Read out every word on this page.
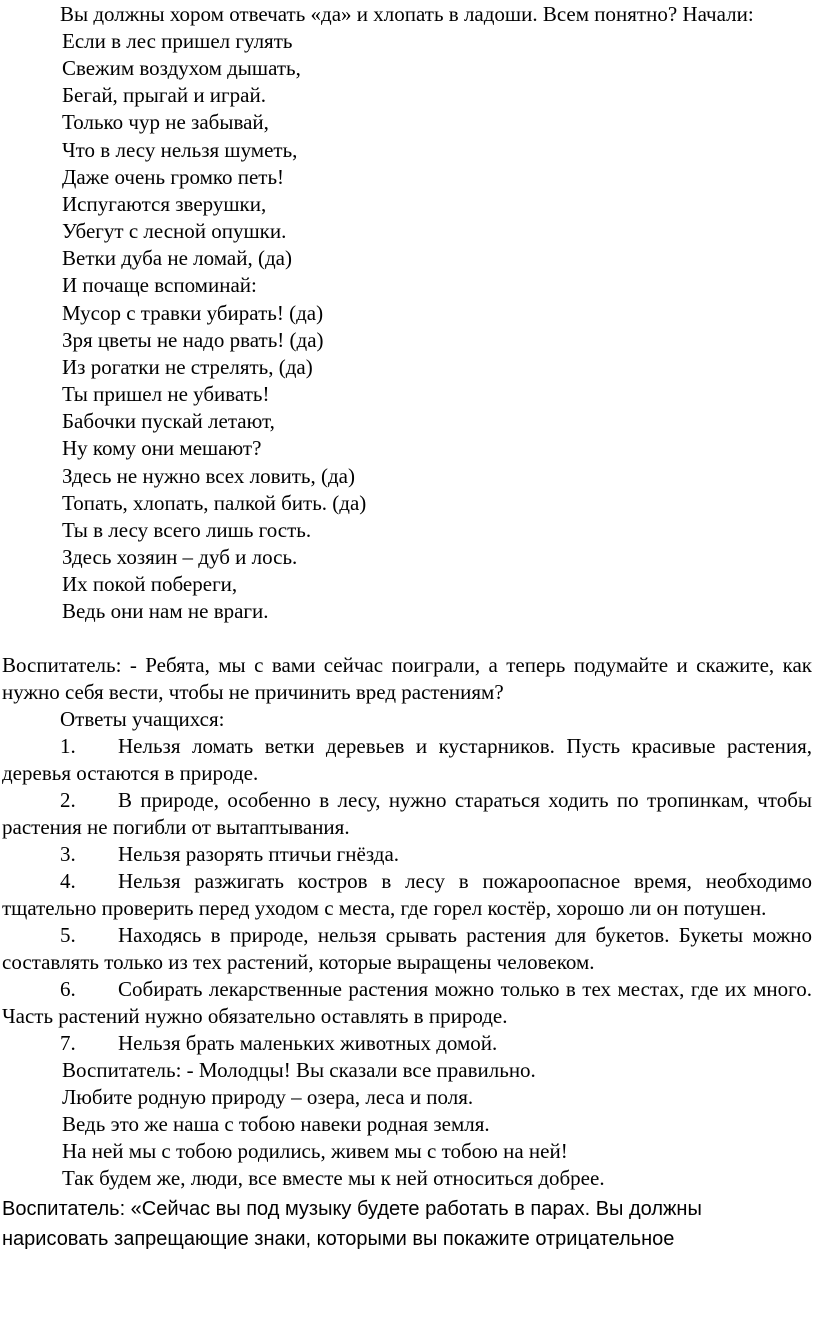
Вы должны хором отвечать «да» и хлопать в ладоши. Всем понятно? Начали:

Если в лес пришел гулять
Свежим воздухом дышать,
Бегай, прыгай и играй.
Только чур не забывай,
Что в лесу нельзя шуметь,
Даже очень громко петь!
Испугаются зверушки,
Убегут с лесной опушки.
Ветки дуба не ломай, (да)
И почаще вспоминай:
Мусор с травки убирать! (да)
Зря цветы не надо рвать! (да)
Из рогатки не стрелять, (да)
Ты пришел не убивать!
Бабочки пускай летают,
Ну кому они мешают?
Здесь не нужно всех ловить, (да)
Топать, хлопать, палкой бить. (да)
Ты в лесу всего лишь гость.
Здесь хозяин – дуб и лось.
Их покой побереги,
Ведь они нам не враги.

Воспитатель: - Ребята, мы с вами сейчас поиграли, а теперь подумайте и скажите, как нужно себя вести, чтобы не причинить вред растениям?

Ответы учащихся:

1. Нельзя ломать ветки деревьев и кустарников. Пусть красивые растения, деревья остаются в природе.

2. В природе, особенно в лесу, нужно стараться ходить по тропинкам, чтобы растения не погибли от вытаптывания.

3. Нельзя разорять птичьи гнёзда.

4. Нельзя разжигать костров в лесу в пожароопасное время, необходимо тщательно проверить перед уходом с места, где горел костёр, хорошо ли он потушен.

5. Находясь в природе, нельзя срывать растения для букетов. Букеты можно составлять только из тех растений, которые выращены человеком.

6. Собирать лекарственные растения можно только в тех местах, где их много. Часть растений нужно обязательно оставлять в природе.

7. Нельзя брать маленьких животных домой.

Воспитатель: - Молодцы! Вы сказали все правильно.

Любите родную природу – озера, леса и поля.

Ведь это же наша с тобою навеки родная земля.

На ней мы с тобою родились, живем мы с тобою на ней!

Так будем же, люди, все вместе мы к ней относиться добрее.

Воспитатель: «Сейчас вы под музыку будете работать в парах. Вы должны нарисовать запрещающие знаки, которыми вы покажите отрицательное
